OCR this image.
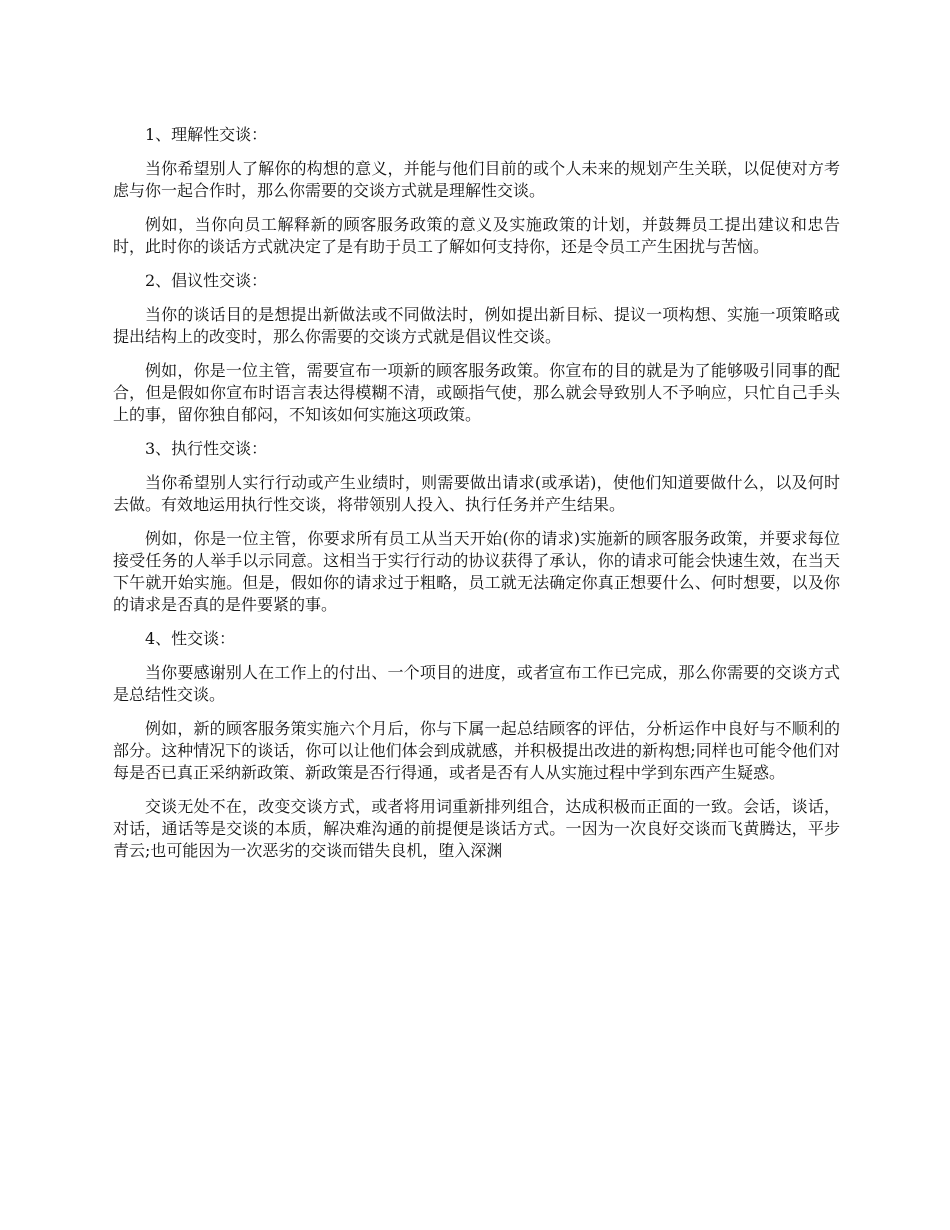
1、理解性交谈：

当你希望别人了解你的构想的意义，并能与他们目前的或个人未来的规划产生关联，以促使对方考虑与你一起合作时，那么你需要的交谈方式就是理解性交谈。

例如，当你向员工解释新的顾客服务政策的意义及实施政策的计划，并鼓舞员工提出建议和忠告时，此时你的谈话方式就决定了是有助于员工了解如何支持你，还是令员工产生困扰与苦恼。

2、倡议性交谈：

当你的谈话目的是想提出新做法或不同做法时，例如提出新目标、提议一项构想、实施一项策略或提出结构上的改变时，那么你需要的交谈方式就是倡议性交谈。

例如，你是一位主管，需要宣布一项新的顾客服务政策。你宣布的目的就是为了能够吸引同事的配合，但是假如你宣布时语言表达得模糊不清，或颐指气使，那么就会导致别人不予响应，只忙自己手头上的事，留你独自郁闷，不知该如何实施这项政策。

3、执行性交谈：

当你希望别人实行行动或产生业绩时，则需要做出请求(或承诺)，使他们知道要做什么，以及何时去做。有效地运用执行性交谈，将带领别人投入、执行任务并产生结果。

例如，你是一位主管，你要求所有员工从当天开始(你的请求)实施新的顾客服务政策，并要求每位接受任务的人举手以示同意。这相当于实行行动的协议获得了承认，你的请求可能会快速生效，在当天下午就开始实施。但是，假如你的请求过于粗略，员工就无法确定你真正想要什么、何时想要，以及你的请求是否真的是件要紧的事。

4、性交谈：

当你要感谢别人在工作上的付出、一个项目的进度，或者宣布工作已完成，那么你需要的交谈方式是总结性交谈。

例如，新的顾客服务策实施六个月后，你与下属一起总结顾客的评估，分析运作中良好与不顺利的部分。这种情况下的谈话，你可以让他们体会到成就感，并积极提出改进的新构想;同样也可能令他们对每是否已真正采纳新政策、新政策是否行得通，或者是否有人从实施过程中学到东西产生疑惑。

交谈无处不在，改变交谈方式，或者将用词重新排列组合，达成积极而正面的一致。会话，谈话，对话，通话等是交谈的本质，解决难沟通的前提便是谈话方式。一因为一次良好交谈而飞黄腾达，平步青云;也可能因为一次恶劣的交谈而错失良机，堕入深渊
